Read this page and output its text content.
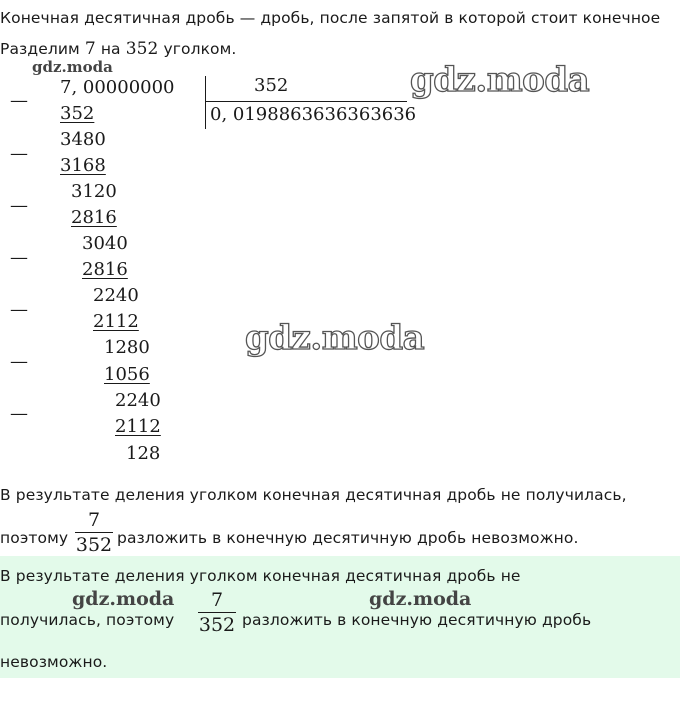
Конечная десятичная дробь — дробь, после запятой в которой стоит конечное
Разделим 7 на 352 уголком.
gdz.moda
—
—
—
—
—
—
—
7, 00000000	352
0, 0198863636363636
352
3480
3168
3120
2816
3040
2816
2240
2112
1280
1056
2240
2112
128
gdz.moda
gdz.moda
В результате деления уголком конечная десятичная дробь не получилась,
поэтому
7
352 разложить в конечную десятичную дробь невозможно.
В результате деления уголком конечная десятичная дробь не
gdz.moda	gdz.moda
получилась, поэтому
7
352 разложить в конечную десятичную дробь
невозможно.
